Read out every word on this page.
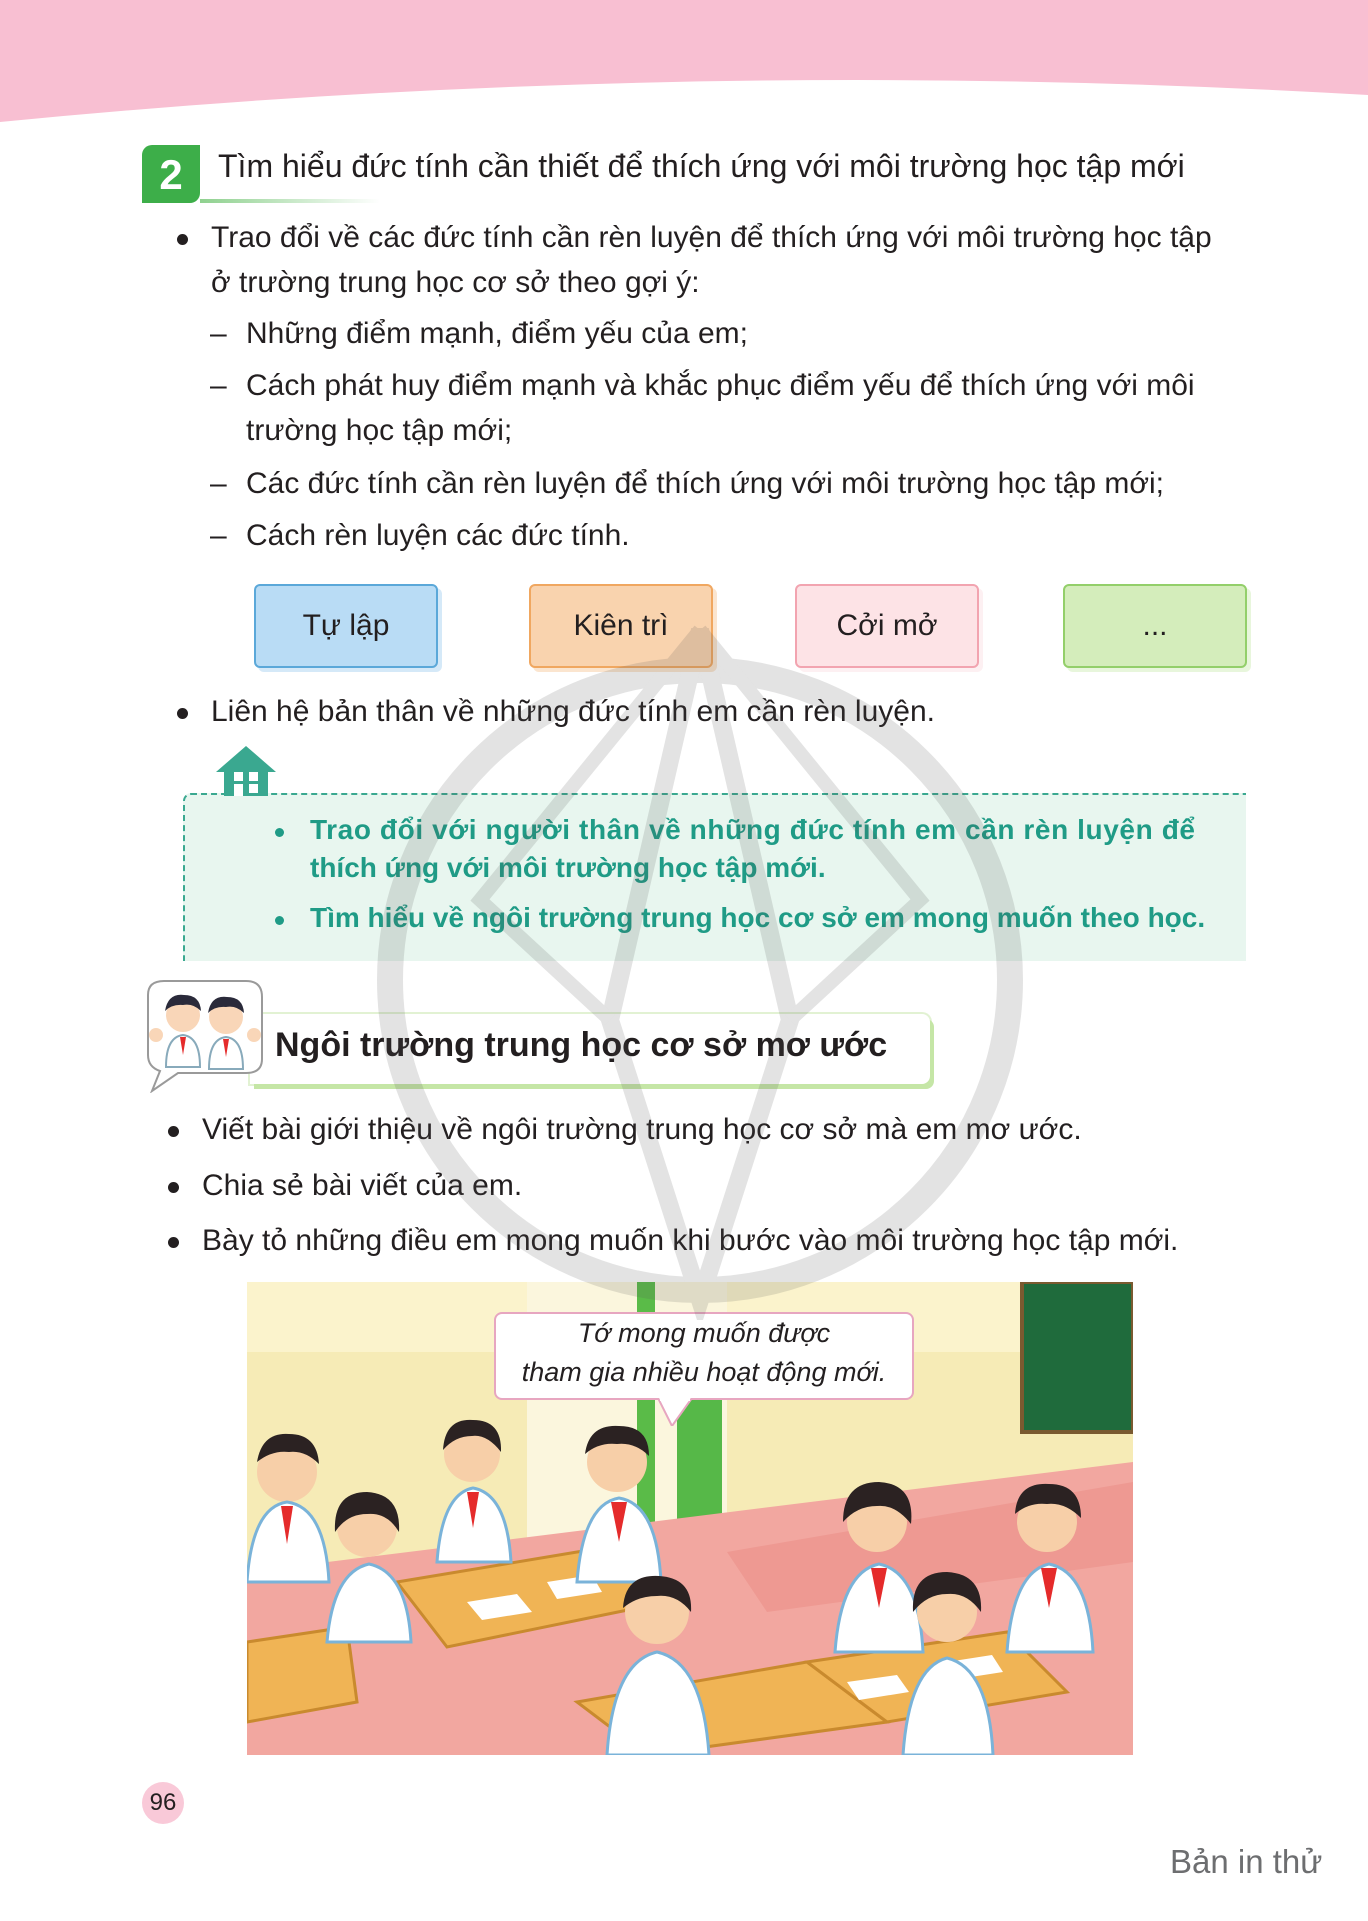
2	Tìm hiểu đức tính cần thiết để thích ứng với môi trường học tập mới
Trao đổi về các đức tính cần rèn luyện để thích ứng với môi trường học tập
ở trường trung học cơ sở theo gợi ý:
– Những điểm mạnh, điểm yếu của em;
– Cách phát huy điểm mạnh và khắc phục điểm yếu để thích ứng với môi
trường học tập mới;
– Các đức tính cần rèn luyện để thích ứng với môi trường học tập mới;
– Cách rèn luyện các đức tính.
Tự lập	Kiên trì	Cởi mở	...
Liên hệ bản thân về những đức tính em cần rèn luyện.
Trao đổi với người thân về những đức tính em cần rèn luyện để
thích ứng với môi trường học tập mới.
Tìm hiểu về ngôi trường trung học cơ sở em mong muốn theo học.
Ngôi trường trung học cơ sở mơ ước
Viết bài giới thiệu về ngôi trường trung học cơ sở mà em mơ ước.
Chia sẻ bài viết của em.
Bày tỏ những điều em mong muốn khi bước vào môi trường học tập mới.
Tớ mong muốn được
tham gia nhiều hoạt động mới.
96
Bản in thử
